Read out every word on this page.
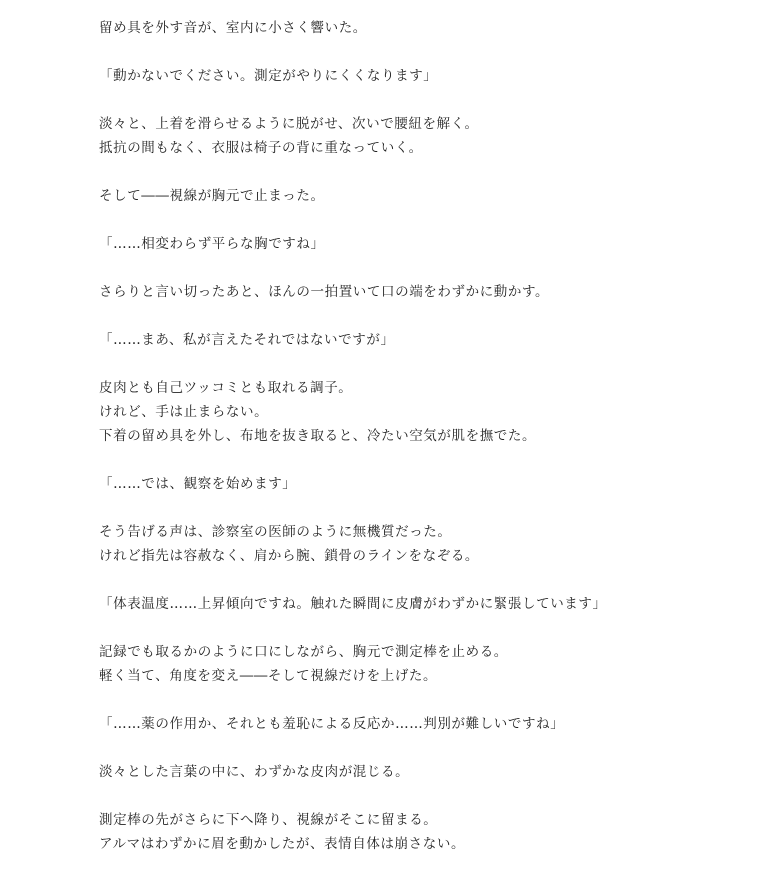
留め具を外す音が、室内に小さく響いた。
「動かないでください。測定がやりにくくなります」
淡々と、上着を滑らせるように脱がせ、次いで腰紐を解く。
抵抗の間もなく、衣服は椅子の背に重なっていく。
そして――視線が胸元で止まった。
「……相変わらず平らな胸ですね」
さらりと言い切ったあと、ほんの一拍置いて口の端をわずかに動かす。
「……まあ、私が言えたそれではないですが」
皮肉とも自己ツッコミとも取れる調子。
けれど、手は止まらない。
下着の留め具を外し、布地を抜き取ると、冷たい空気が肌を撫でた。
「……では、観察を始めます」
そう告げる声は、診察室の医師のように無機質だった。
けれど指先は容赦なく、肩から腕、鎖骨のラインをなぞる。
「体表温度……上昇傾向ですね。触れた瞬間に皮膚がわずかに緊張しています」
記録でも取るかのように口にしながら、胸元で測定棒を止める。
軽く当て、角度を変え――そして視線だけを上げた。
「……薬の作用か、それとも羞恥による反応か……判別が難しいですね」
淡々とした言葉の中に、わずかな皮肉が混じる。
測定棒の先がさらに下へ降り、視線がそこに留まる。
アルマはわずかに眉を動かしたが、表情自体は崩さない。
